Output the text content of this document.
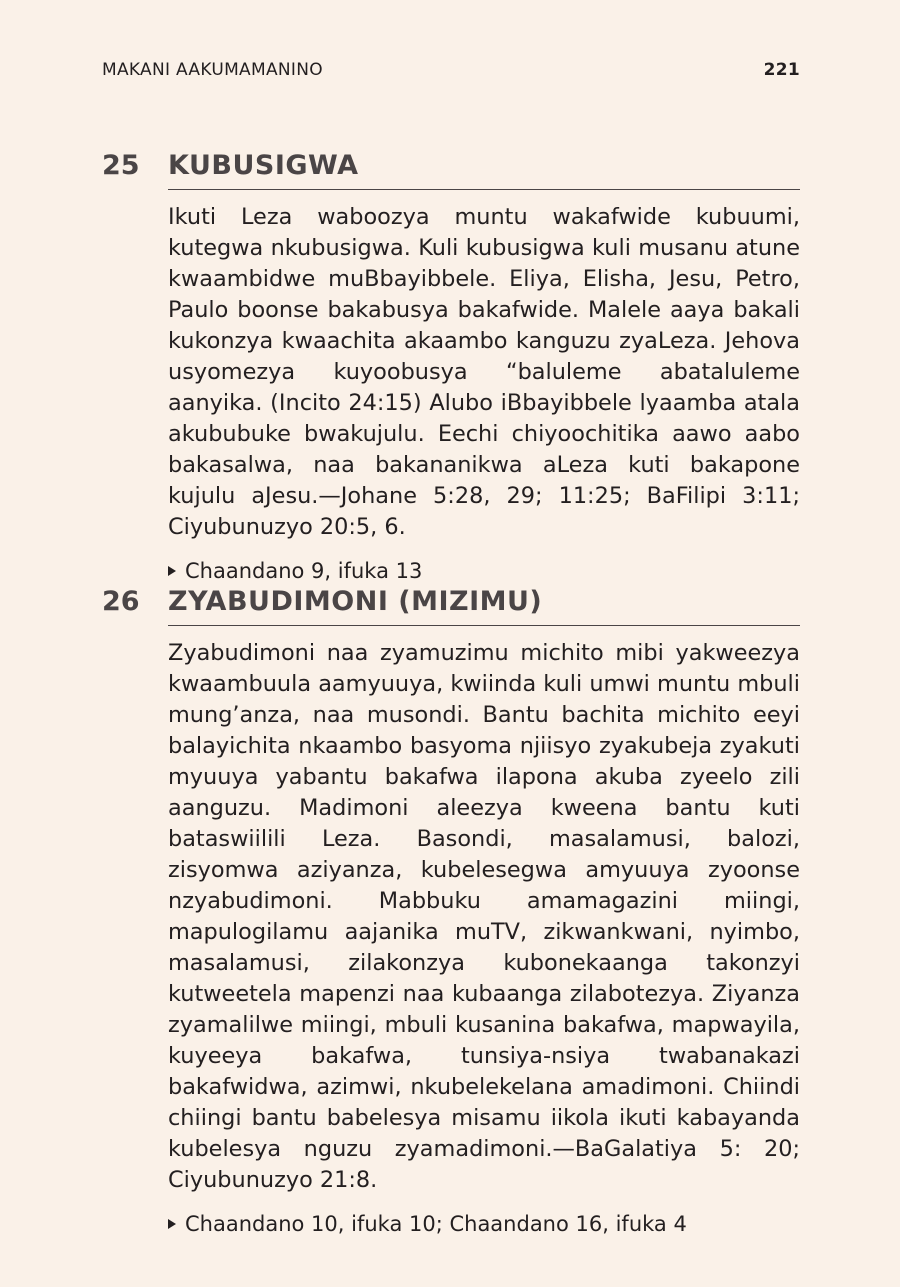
MAKANI AAKUMAMANINO	221
25	KUBUSIGWA
Ikuti Leza waboozya muntu wakafwide kubuumi, kutegwa nkubusigwa. Kuli kubusigwa kuli musanu atune kwaambidwe muBbayibbele. Eliya, Elisha, Jesu, Petro, Paulo boonse bakabusya bakafwide. Malele aaya bakali kukonzya kwaachita akaambo kanguzu zyaLeza. Jehova usyomezya kuyoobusya “baluleme abataluleme aanyika. (Incito 24:15) Alubo iBbayibbele lyaamba atala akububuke bwakujulu. Eechi chiyoochitika aawo aabo bakasalwa, naa bakananikwa aLeza kuti bakapone kujulu aJesu.—Johane 5:28, 29; 11:25; BaFilipi 3:11; Ciyubunuzyo 20:5, 6.
Chaandano 9, ifuka 13
26	ZYABUDIMONI (MIZIMU)
Zyabudimoni naa zyamuzimu michito mibi yakweezya kwaambuula aamyuuya, kwiinda kuli umwi muntu mbuli mung’anza, naa musondi. Bantu bachita michito eeyi balayichita nkaambo basyoma njiisyo zyakubeja zyakuti myuuya yabantu bakafwa ilapona akuba zyeelo zili aanguzu. Madimoni aleezya kweena bantu kuti bataswіilili Leza. Basondi, masalamusi, balozi, zisyomwa aziyanza, kubelesegwa amyuuya zyoonse nzyabudimoni. Mabbuku amamagazini miingi, mapulogilamu aajanika muTV, zikwankwani, nyimbo, masalamusi, zilakonzya kubonekaanga takonzyi kutweetela mapenzi naa kubaanga zilabotezya. Ziyanza zyamalilwe miingi, mbuli kusanina bakafwa, mapwayila, kuyeeya bakafwa, tunsiya-nsiya twabanakazi bakafwidwa, azimwi, nkubelekelana amadimoni. Chiindi chiingi bantu babelesya misamu iikola ikuti kabayanda kubelesya nguzu zyamadimoni.—BaGalatiya 5: 20; Ciyubunuzyo 21:8.
Chaandano 10, ifuka 10; Chaandano 16, ifuka 4
